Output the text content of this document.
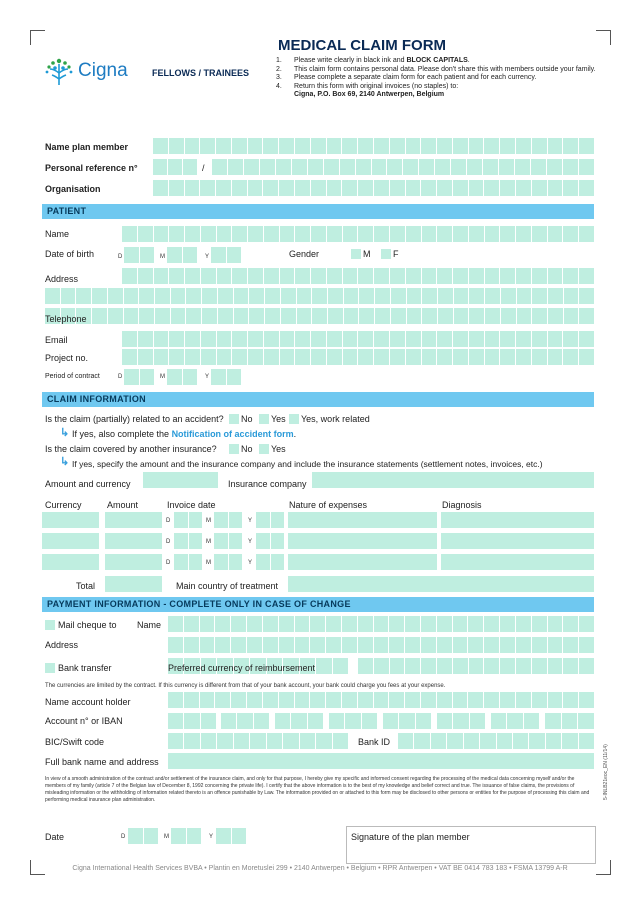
Cigna	FELLOWS / TRAINEES
MEDICAL CLAIM FORM
1.	Please write clearly in black ink and BLOCK CAPITALS.
2.	This claim form contains personal data. Please don't share this with members outside your family.
3.	Please complete a separate claim form for each patient and for each currency.
4.	Return this form with original invoices (no staples) to:
Cigna, P.O. Box 69, 2140 Antwerpen, Belgium
Name plan member
Personal reference n°	/
Organisation
PATIENT
Name
Date of birth	D	M	Y	Gender	M	F
Address
Telephone
Email
Project no.
Period of contract	D	M	Y
CLAIM INFORMATION
Is the claim (partially) related to an accident? No Yes Yes, work related
↳ If yes, also complete the Notification of accident form.
Is the claim covered by another insurance?	No Yes
↳ If yes, specify the amount and the insurance company and include the insurance statements (settlement notes, invoices, etc.)
Amount and currency	Insurance company
Currency	Amount	Invoice date	Nature of expenses	Diagnosis
D	M	Y
D	M	Y
D	M	Y
Total	Main country of treatment
PAYMENT INFORMATION - COMPLETE ONLY IN CASE OF CHANGE
Mail cheque to Name
Address
Bank transfer	Preferred currency of reimbursement
The currencies are limited by the contract. If this currency is different from that of your bank account, your bank could charge you fees at your expense.
Name account holder
Account n° or IBAN
BIC/Swift code	Bank ID
Full bank name and address
In view of a smooth administration of the contract and/or settlement of the insurance claim, and only for that purpose, I hereby give my specific and informed consent regarding the processing of the medical data concerning myself and/or the members of my family (article 7 of the Belgian law of December 8, 1992 concerning the private life). I certify that the above information is to the best of my knowledge and belief correct and true. The issuance of false claims, the provisions of misleading information or the withholding of information related thereto is an offence punishable by Law. The information provided on or attached to this form may be disclosed to other persons or entities for the purpose of processing this claim and performing medical insurance plan administration.
Date	D	M	Y	Signature of the plan member
5-INLB21eoc_EN (11/14)
Cigna International Health Services BVBA • Plantin en Moretuslei 299 • 2140 Antwerpen • Belgium • RPR Antwerpen • VAT BE 0414 783 183 • FSMA 13799 A-R
